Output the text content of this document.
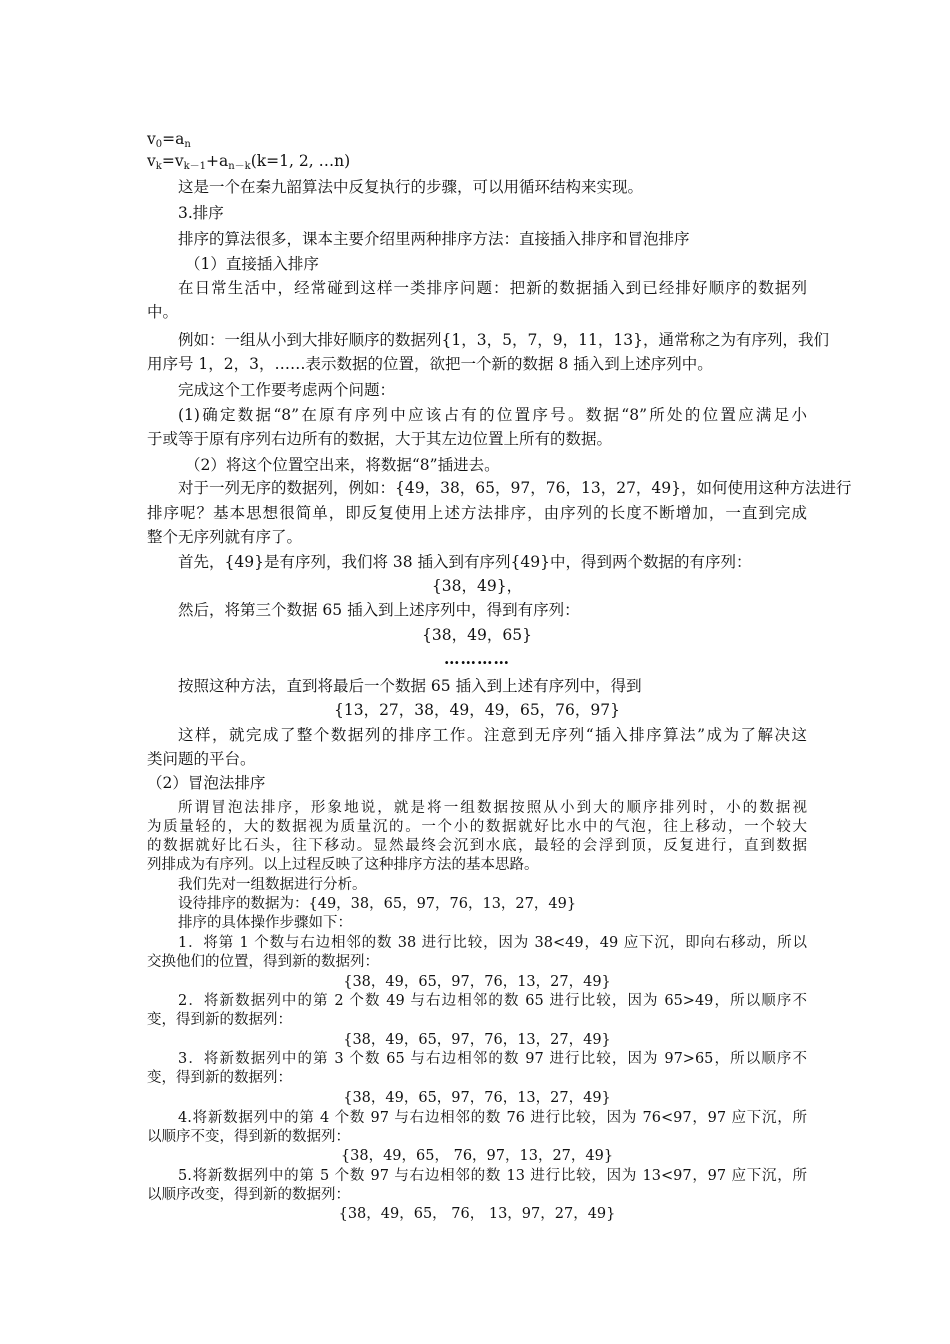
$v_0=a_n$
$v_k=v_{k-1}+a_{n-k}(k=1$, 2, …n)
这是一个在秦九韶算法中反复执行的步骤，可以用循环结构来实现。
3.排序
排序的算法很多，课本主要介绍里两种排序方法：直接插入排序和冒泡排序
（1）直接插入排序
在日常生活中，经常碰到这样一类排序问题：把新的数据插入到已经排好顺序的数据列
中。
例如：一组从小到大排好顺序的数据列{1，3，5，7，9，11，13}，通常称之为有序列，我们
用序号 1，2，3，……表示数据的位置，欲把一个新的数据 8 插入到上述序列中。
完成这个工作要考虑两个问题：
(1)确定数据“8”在原有序列中应该占有的位置序号。数据“8”所处的位置应满足小
于或等于原有序列右边所有的数据，大于其左边位置上所有的数据。
（2）将这个位置空出来，将数据“8”插进去。
对于一列无序的数据列，例如：{49，38，65，97，76，13，27，49}，如何使用这种方法进行
排序呢？基本思想很简单，即反复使用上述方法排序，由序列的长度不断增加，一直到完成
整个无序列就有序了。
首先，{49}是有序列，我们将 38 插入到有序列{49}中，得到两个数据的有序列：
{38，49}，
然后，将第三个数据 65 插入到上述序列中，得到有序列：
{38，49，65}
…………
按照这种方法，直到将最后一个数据 65 插入到上述有序列中，得到
{13，27，38，49，49，65，76，97}
这样，就完成了整个数据列的排序工作。注意到无序列“插入排序算法”成为了解决这
类问题的平台。
（2）冒泡法排序
所谓冒泡法排序，形象地说，就是将一组数据按照从小到大的顺序排列时，小的数据视
为质量轻的，大的数据视为质量沉的。一个小的数据就好比水中的气泡，往上移动，一个较大
的数据就好比石头，往下移动。显然最终会沉到水底，最轻的会浮到顶，反复进行，直到数据
列排成为有序列。以上过程反映了这种排序方法的基本思路。
我们先对一组数据进行分析。
设待排序的数据为：{49，38，65，97，76，13，27，49}
排序的具体操作步骤如下：
1．将第 1 个数与右边相邻的数 38 进行比较，因为 38<49，49 应下沉，即向右移动，所以
交换他们的位置，得到新的数据列：
{38，49，65，97，76，13，27，49}
2．将新数据列中的第 2 个数 49 与右边相邻的数 65 进行比较，因为 65>49，所以顺序不
变，得到新的数据列：
{38，49，65，97，76，13，27，49}
3．将新数据列中的第 3 个数 65 与右边相邻的数 97 进行比较，因为 97>65，所以顺序不
变，得到新的数据列：
{38，49，65，97，76，13，27，49}
4.将新数据列中的第 4 个数 97 与右边相邻的数 76 进行比较，因为 76<97，97 应下沉，所
以顺序不变，得到新的数据列：
{38，49，65， 76，97，13，27，49}
5.将新数据列中的第 5 个数 97 与右边相邻的数 13 进行比较，因为 13<97，97 应下沉，所
以顺序改变，得到新的数据列：
{38，49，65， 76， 13，97，27，49}
